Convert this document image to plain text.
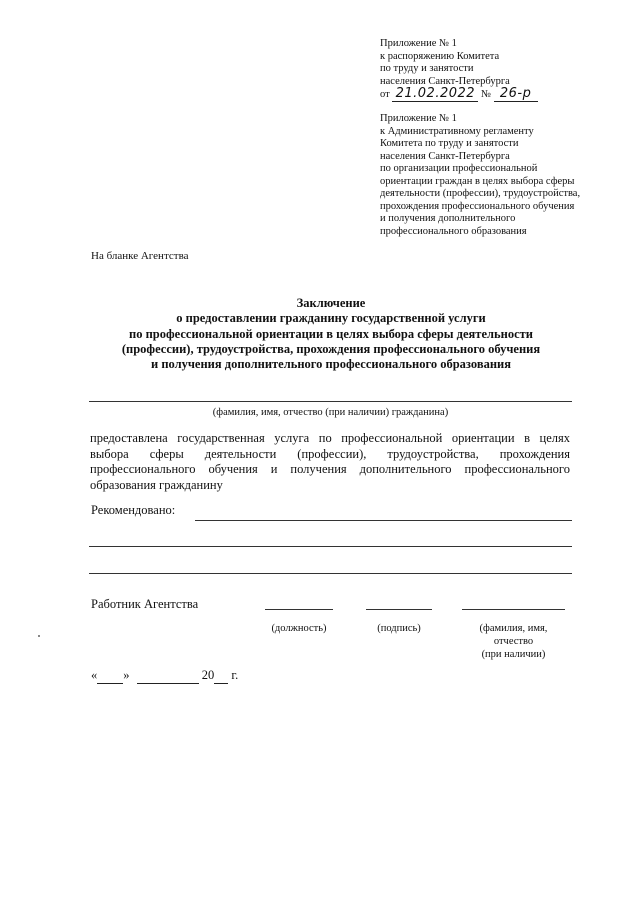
Приложение № 1
к распоряжению Комитета
по труду и занятости
населения Санкт-Петербурга
от 21.02.2022 № 26-р
Приложение № 1
к Административному регламенту
Комитета по труду и занятости
населения Санкт-Петербурга
по организации профессиональной
ориентации граждан в целях выбора сферы
деятельности (профессии), трудоустройства,
прохождения профессионального обучения
и получения дополнительного
профессионального образования
На бланке Агентства
Заключение
о предоставлении гражданину государственной услуги
по профессиональной ориентации в целях выбора сферы деятельности
(профессии), трудоустройства, прохождения профессионального обучения
и получения дополнительного профессионального образования
(фамилия, имя, отчество (при наличии) гражданина)
предоставлена государственная услуга по профессиональной ориентации в целях
выбора сферы деятельности (профессии), трудоустройства, прохождения
профессионального обучения и получения дополнительного профессионального
образования гражданину
Рекомендовано:
Работник Агентства
(должность)	(подпись)	(фамилия, имя,
отчество
(при наличии)
« »	20 г.
